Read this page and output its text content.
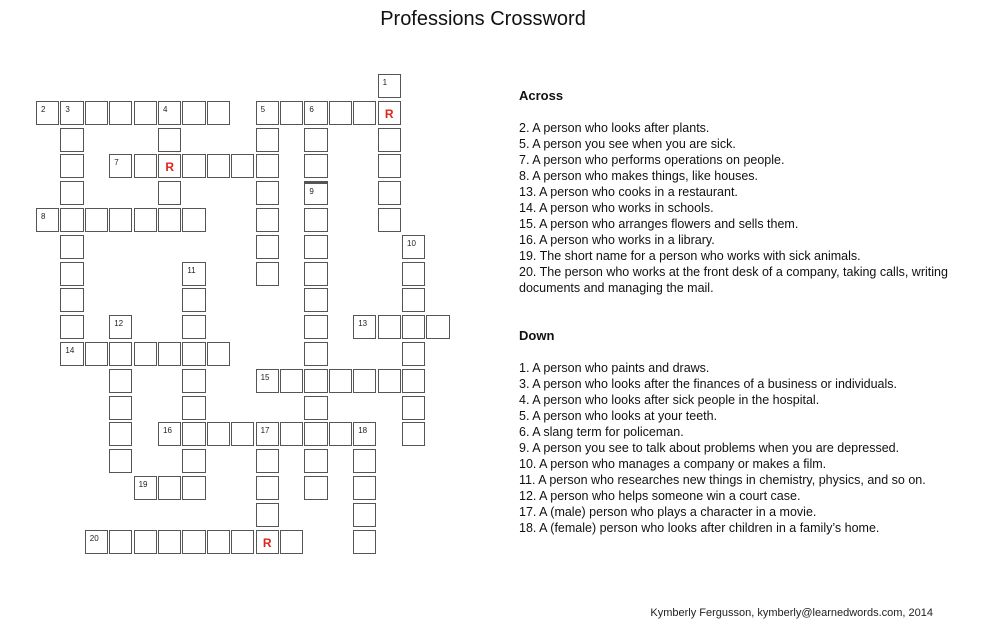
Professions Crossword
1
2 3	4	5	6	R
7	R
9
8
10
11
12	13
14
15
16	17	18
19
20	R
Across
2. A person who looks after plants.
5. A person you see when you are sick.
7. A person who performs operations on people.
8. A person who makes things, like houses.
13. A person who cooks in a restaurant.
14. A person who works in schools.
15. A person who arranges flowers and sells them.
16. A person who works in a library.
19. The short name for a person who works with sick animals.
20. The person who works at the front desk of a company, taking calls, writing documents and managing the mail.
Down
1. A person who paints and draws.
3. A person who looks after the finances of a business or individuals.
4. A person who looks after sick people in the hospital.
5. A person who looks at your teeth.
6. A slang term for policeman.
9. A person you see to talk about problems when you are depressed.
10. A person who manages a company or makes a film.
11. A person who researches new things in chemistry, physics, and so on.
12. A person who helps someone win a court case.
17. A (male) person who plays a character in a movie.
18. A (female) person who looks after children in a family’s home.
Kymberly Fergusson, kymberly@learnedwords.com, 2014
